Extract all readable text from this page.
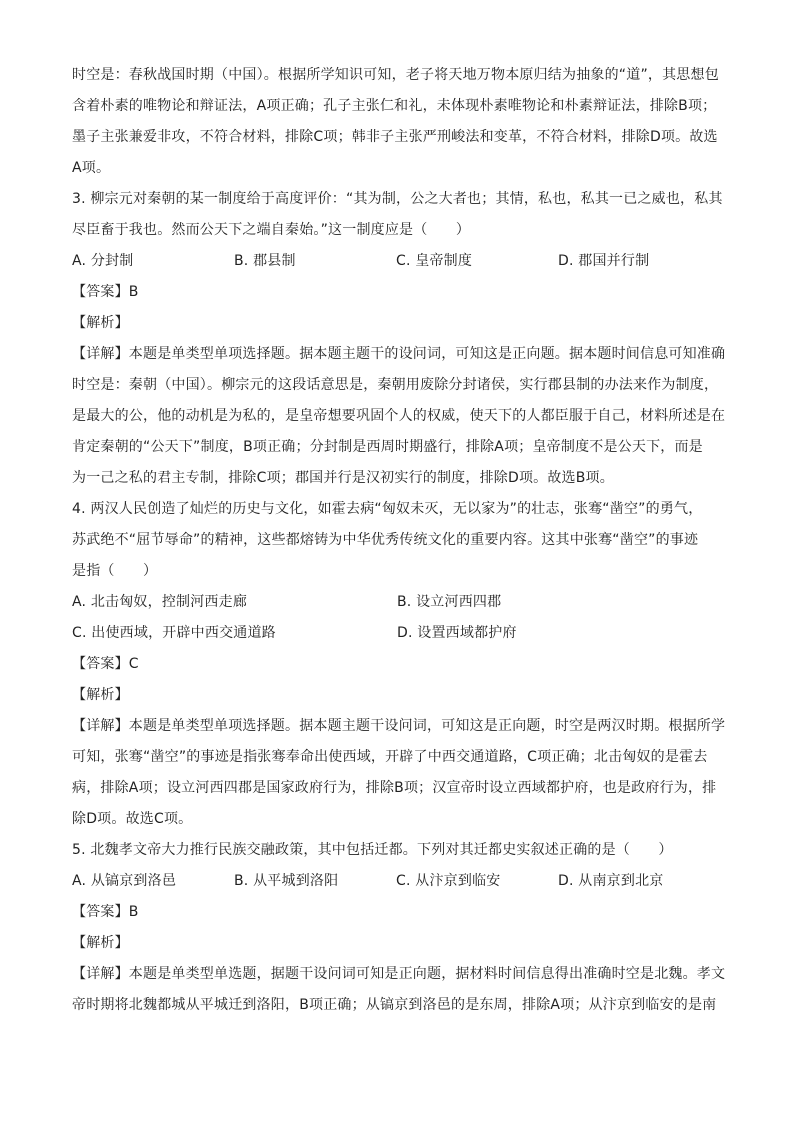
时空是：春秋战国时期（中国）。根据所学知识可知，老子将天地万物本原归结为抽象的“道”，其思想包
含着朴素的唯物论和辩证法，A项正确；孔子主张仁和礼，未体现朴素唯物论和朴素辩证法，排除B项；
墨子主张兼爱非攻，不符合材料，排除C项；韩非子主张严刑峻法和变革，不符合材料，排除D项。故选
A项。
3. 柳宗元对秦朝的某一制度给于高度评价：“其为制，公之大者也；其情，私也，私其一已之威也，私其
尽臣畜于我也。然而公天下之端自秦始。”这一制度应是（　　）
A. 分封制	B. 郡县制	C. 皇帝制度	D. 郡国并行制
【答案】B
【解析】
【详解】本题是单类型单项选择题。据本题主题干的设问词，可知这是正向题。据本题时间信息可知准确
时空是：秦朝（中国）。柳宗元的这段话意思是，秦朝用废除分封诸侯，实行郡县制的办法来作为制度，
是最大的公，他的动机是为私的，是皇帝想要巩固个人的权威，使天下的人都臣服于自己，材料所述是在
肯定秦朝的“公天下”制度，B项正确；分封制是西周时期盛行，排除A项；皇帝制度不是公天下，而是
为一己之私的君主专制，排除C项；郡国并行是汉初实行的制度，排除D项。故选B项。
4. 两汉人民创造了灿烂的历史与文化，如霍去病“匈奴未灭，无以家为”的壮志，张骞“凿空”的勇气，
苏武绝不“屈节辱命”的精神，这些都熔铸为中华优秀传统文化的重要内容。这其中张骞“凿空”的事迹
是指（　　）
A. 北击匈奴，控制河西走廊	B. 设立河西四郡
C. 出使西域，开辟中西交通道路	D. 设置西域都护府
【答案】C
【解析】
【详解】本题是单类型单项选择题。据本题主题干设问词，可知这是正向题，时空是两汉时期。根据所学
可知，张骞“凿空”的事迹是指张骞奉命出使西域，开辟了中西交通道路，C项正确；北击匈奴的是霍去
病，排除A项；设立河西四郡是国家政府行为，排除B项；汉宣帝时设立西域都护府，也是政府行为，排
除D项。故选C项。
5. 北魏孝文帝大力推行民族交融政策，其中包括迁都。下列对其迁都史实叙述正确的是（　　）
A. 从镐京到洛邑	B. 从平城到洛阳	C. 从汴京到临安	D. 从南京到北京
【答案】B
【解析】
【详解】本题是单类型单选题，据题干设问词可知是正向题，据材料时间信息得出准确时空是北魏。孝文
帝时期将北魏都城从平城迁到洛阳，B项正确；从镐京到洛邑的是东周，排除A项；从汴京到临安的是南
